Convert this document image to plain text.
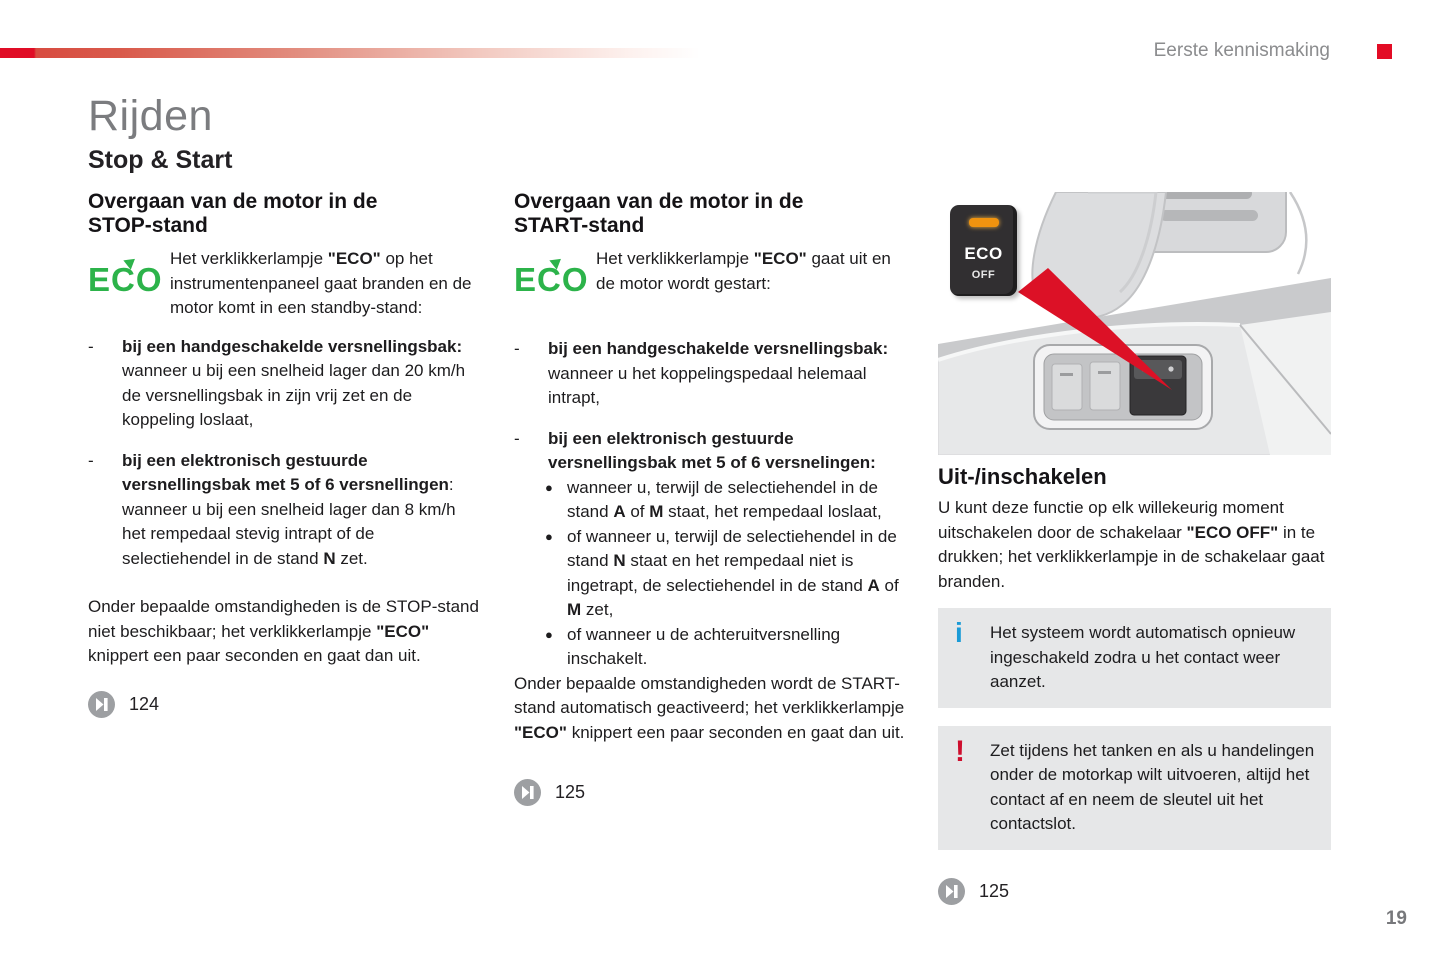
Eerste kennismaking
Rijden
Stop & Start
Overgaan van de motor in de STOP-stand
ECO

Het verklikkerlampje "ECO" op het instrumentenpaneel gaat branden en de motor komt in een standby-stand:

-	bij een handgeschakelde versnellingsbak: wanneer u bij een snelheid lager dan 20 km/h de versnellingsbak in zijn vrij zet en de koppeling loslaat,
-	bij een elektronisch gestuurde versnellingsbak met 5 of 6 versnellingen: wanneer u bij een snelheid lager dan 8 km/h het rempedaal stevig intrapt of de selectiehendel in de stand N zet.

Onder bepaalde omstandigheden is de STOP-stand niet beschikbaar; het verklikkerlampje "ECO" knippert een paar seconden en gaat dan uit.

124
Overgaan van de motor in de START-stand
ECO

Het verklikkerlampje "ECO" gaat uit en de motor wordt gestart:

-	bij een handgeschakelde versnellingsbak: wanneer u het koppelingspedaal helemaal intrapt,
-	bij een elektronisch gestuurde versnellingsbak met 5 of 6 versnelingen:
● wanneer u, terwijl de selectiehendel in de stand A of M staat, het rempedaal loslaat,
● of wanneer u, terwijl de selectiehendel in de stand N staat en het rempedaal niet is ingetrapt, de selectiehendel in de stand A of M zet,
● of wanneer u de achteruitversnelling inschakelt.

Onder bepaalde omstandigheden wordt de START-stand automatisch geactiveerd; het verklikkerlampje "ECO" knippert een paar seconden en gaat dan uit.

125
ECO
OFF
Uit-/inschakelen

U kunt deze functie op elk willekeurig moment uitschakelen door de schakelaar "ECO OFF" in te drukken; het verklikkerlampje in de schakelaar gaat branden.

i Het systeem wordt automatisch opnieuw ingeschakeld zodra u het contact weer aanzet.
! Zet tijdens het tanken en als u handelingen onder de motorkap wilt uitvoeren, altijd het contact af en neem de sleutel uit het contactslot.
125
19
